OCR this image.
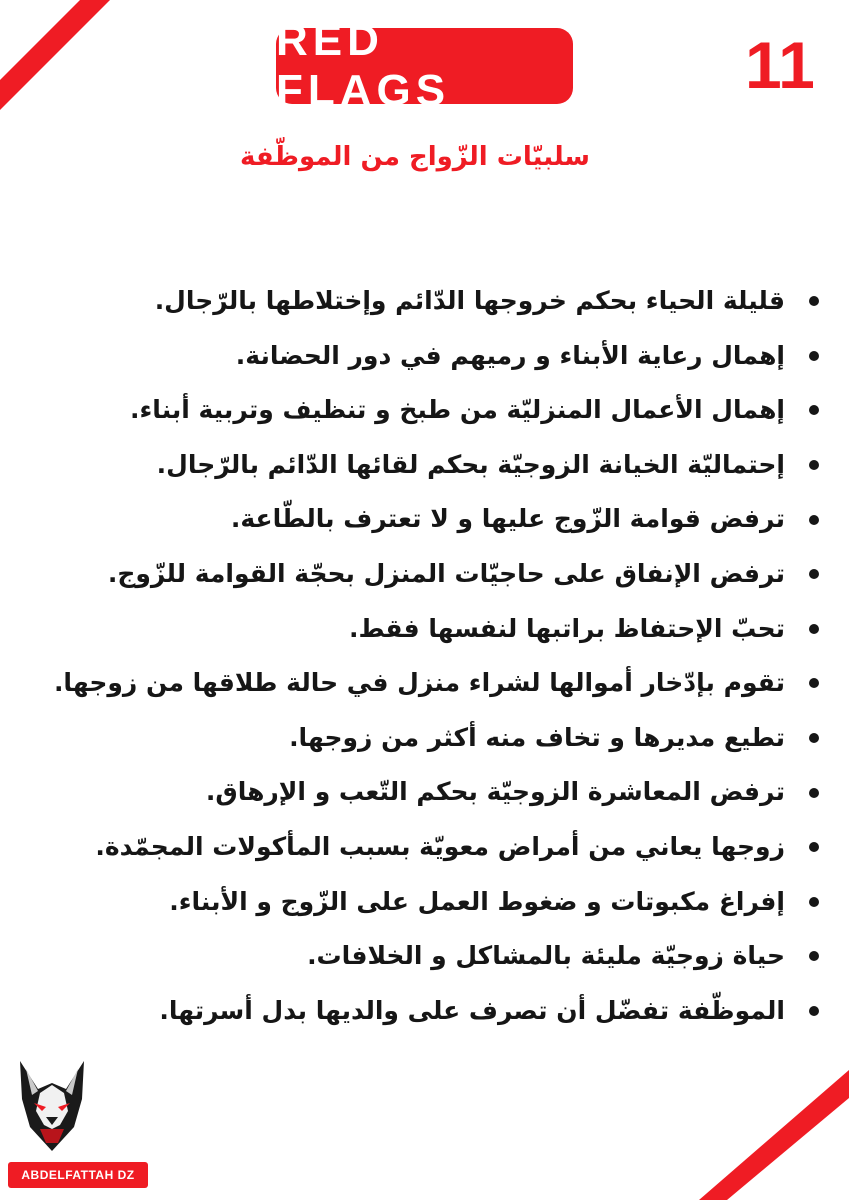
RED FLAGS	11
سلبيّات الزّواج من الموظّفة
قليلة الحياء بحكم خروجها الدّائم وإختلاطها بالرّجال.
إهمال رعاية الأبناء و رميهم في دور الحضانة.
إهمال الأعمال المنزليّة من طبخ و تنظيف وتربية أبناء.
إحتماليّة الخيانة الزوجيّة بحكم لقائها الدّائم بالرّجال.
ترفض قوامة الزّوج عليها و لا تعترف بالطّاعة.
ترفض الإنفاق على حاجيّات المنزل بحجّة القوامة للزّوج.
تحبّ الإحتفاظ براتبها لنفسها فقط.
تقوم بإدّخار أموالها لشراء منزل في حالة طلاقها من زوجها.
تطيع مديرها و تخاف منه أكثر من زوجها.
ترفض المعاشرة الزوجيّة بحكم التّعب و الإرهاق.
زوجها يعاني من أمراض معويّة بسبب المأكولات المجمّدة.
إفراغ مكبوتات و ضغوط العمل على الزّوج و الأبناء.
حياة زوجيّة مليئة بالمشاكل و الخلافات.
الموظّفة تفضّل أن تصرف على والديها بدل أسرتها.
ABDELFATTAH DZ
